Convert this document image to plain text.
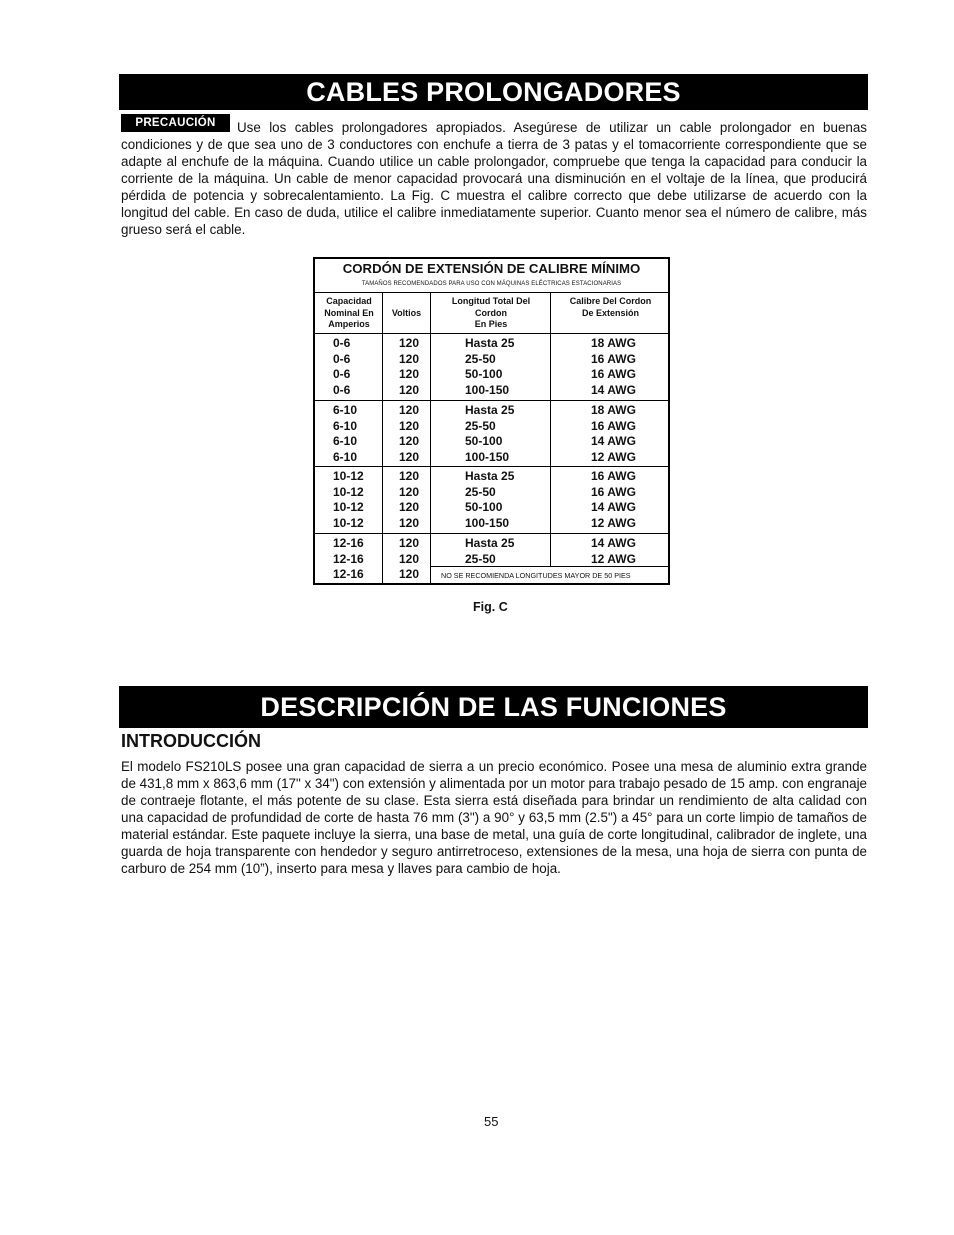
CABLES PROLONGADORES
PRECAUCIÓN	Use los cables prolongadores apropiados. Asegúrese de utilizar un cable prolongador en buenas condiciones y de que sea uno de 3 conductores con enchufe a tierra de 3 patas y el tomacorriente correspondiente que se adapte al enchufe de la máquina. Cuando utilice un cable prolongador, compruebe que tenga la capacidad para conducir la corriente de la máquina. Un cable de menor capacidad provocará una disminución en el voltaje de la línea, que producirá pérdida de potencia y sobrecalentamiento. La Fig. C muestra el calibre correcto que debe utilizarse de acuerdo con la longitud del cable. En caso de duda, utilice el calibre inmediatamente superior. Cuanto menor sea el número de calibre, más grueso será el cable.
CORDÓN DE EXTENSIÓN DE CALIBRE MÍNIMO
TAMAÑOS RECOMENDADOS PARA USO CON MÁQUINAS ELÉCTRICAS ESTACIONARIAS
Capacidad
Nominal En
Amperios
Voltios
Longitud Total Del
Cordon
En Pies
Calibre Del Cordon
De Extensión
0-6
0-6
0-6
0-6
120
120
120
120
Hasta 25
25-50
50-100
100-150
18 AWG
16 AWG
16 AWG
14 AWG
6-10
6-10
6-10
6-10
120
120
120
120
Hasta 25
25-50
50-100
100-150
18 AWG
16 AWG
14 AWG
12 AWG
10-12
10-12
10-12
10-12
120
120
120
120
Hasta 25
25-50
50-100
100-150
16 AWG
16 AWG
14 AWG
12 AWG
12-16
12-16
12-16
120
120
120
Hasta 25
25-50
14 AWG
12 AWG
NO SE RECOMIENDA LONGITUDES MAYOR DE 50 PIES
Fig. C
DESCRIPCIÓN DE LAS FUNCIONES
INTRODUCCIÓN
El modelo FS210LS posee una gran capacidad de sierra a un precio económico. Posee una mesa de aluminio extra grande de 431,8 mm x 863,6 mm (17" x 34") con extensión y alimentada por un motor para trabajo pesado de 15 amp. con engranaje de contraeje flotante, el más potente de su clase. Esta sierra está diseñada para brindar un rendimiento de alta calidad con una capacidad de profundidad de corte de hasta 76 mm (3") a 90° y 63,5 mm (2.5") a 45° para un corte limpio de tamaños de material estándar. Este paquete incluye la sierra, una base de metal, una guía de corte longitudinal, calibrador de inglete, una guarda de hoja transparente con hendedor y seguro antirretroceso, extensiones de la mesa, una hoja de sierra con punta de carburo de 254 mm (10”), inserto para mesa y llaves para cambio de hoja.
55
